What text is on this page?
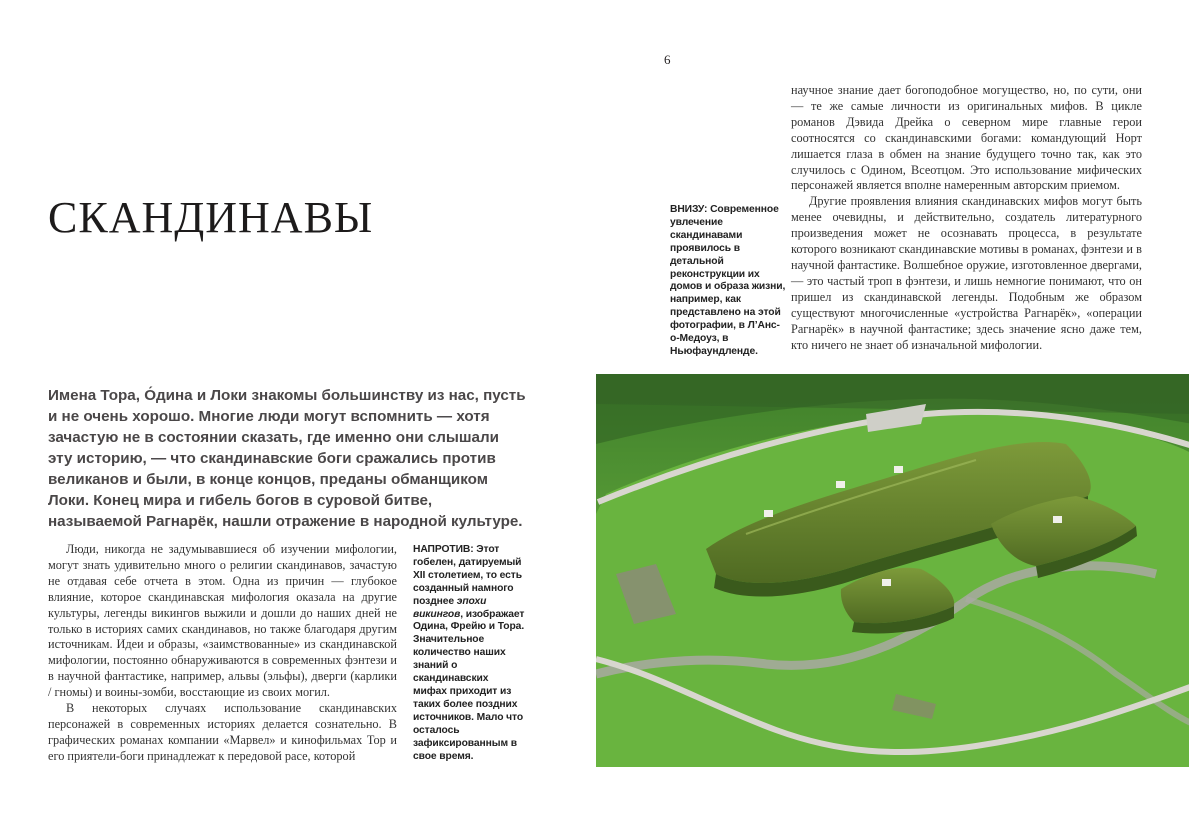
6
СКАНДИНАВЫ

Имена Тора, О́дина и Локи знакомы большинству из нас, пусть и не очень хорошо. Многие люди могут вспомнить — хотя зачастую не в состоянии сказать, где именно они слышали эту историю, — что скандинавские боги сражались против великанов и были, в конце концов, преданы обманщиком Локи. Конец мира и гибель богов в суровой битве, называемой Рагнарёк, нашли отражение в народной культуре.

Люди, никогда не задумывавшиеся об изучении мифологии, могут знать удивительно много о религии скандинавов, зачастую не отдавая себе отчета в этом. Одна из причин — глубокое влияние, которое скандинавская мифология оказала на другие культуры, легенды викингов выжили и дошли до наших дней не только в историях самих скандинавов, но также благодаря другим источникам. Идеи и образы, «заимствованные» из скандинавской мифологии, постоянно обнаруживаются в современных фэнтези и в научной фантастике, например, альвы (эльфы), дверги (карлики / гномы) и воины-зомби, восстающие из своих могил.

В некоторых случаях использование скандинавских персонажей в современных историях делается сознательно. В графических романах компании «Марвел» и кинофильмах Тор и его приятели-боги принадлежат к передовой расе, которой

НАПРОТИВ: Этот гобелен, датируемый XII столетием, то есть созданный намного позднее эпохи викингов, изображает Одина, Фрейю и Тора. Значительное количество наших знаний о скандинавских мифах приходит из таких более поздних источников. Мало что осталось зафиксированным в свое время.
ВНИЗУ: Современное увлечение скандинавами проявилось в детальной реконструкции их домов и образа жизни, например, как представлено на этой фотографии, в Л’Анс-о-Медоуз, в Ньюфаундленде.

научное знание дает богоподобное могущество, но, по сути, они — те же самые личности из оригинальных мифов. В цикле романов Дэвида Дрейка о северном мире главные герои соотносятся со скандинавскими богами: командующий Норт лишается глаза в обмен на знание будущего точно так, как это случилось с Одином, Всеотцом. Это использование мифических персонажей является вполне намеренным авторским приемом.

Другие проявления влияния скандинавских мифов могут быть менее очевидны, и действительно, создатель литературного произведения может не осознавать процесса, в результате которого возникают скандинавские мотивы в романах, фэнтези и в научной фантастике. Волшебное оружие, изготовленное двергами, — это частый троп в фэнтези, и лишь немногие понимают, что он пришел из скандинавской легенды. Подобным же образом существуют многочисленные «устройства Рагнарёк», «операции Рагнарёк» в научной фантастике; здесь значение ясно даже тем, кто ничего не знает об изначальной мифологии.
